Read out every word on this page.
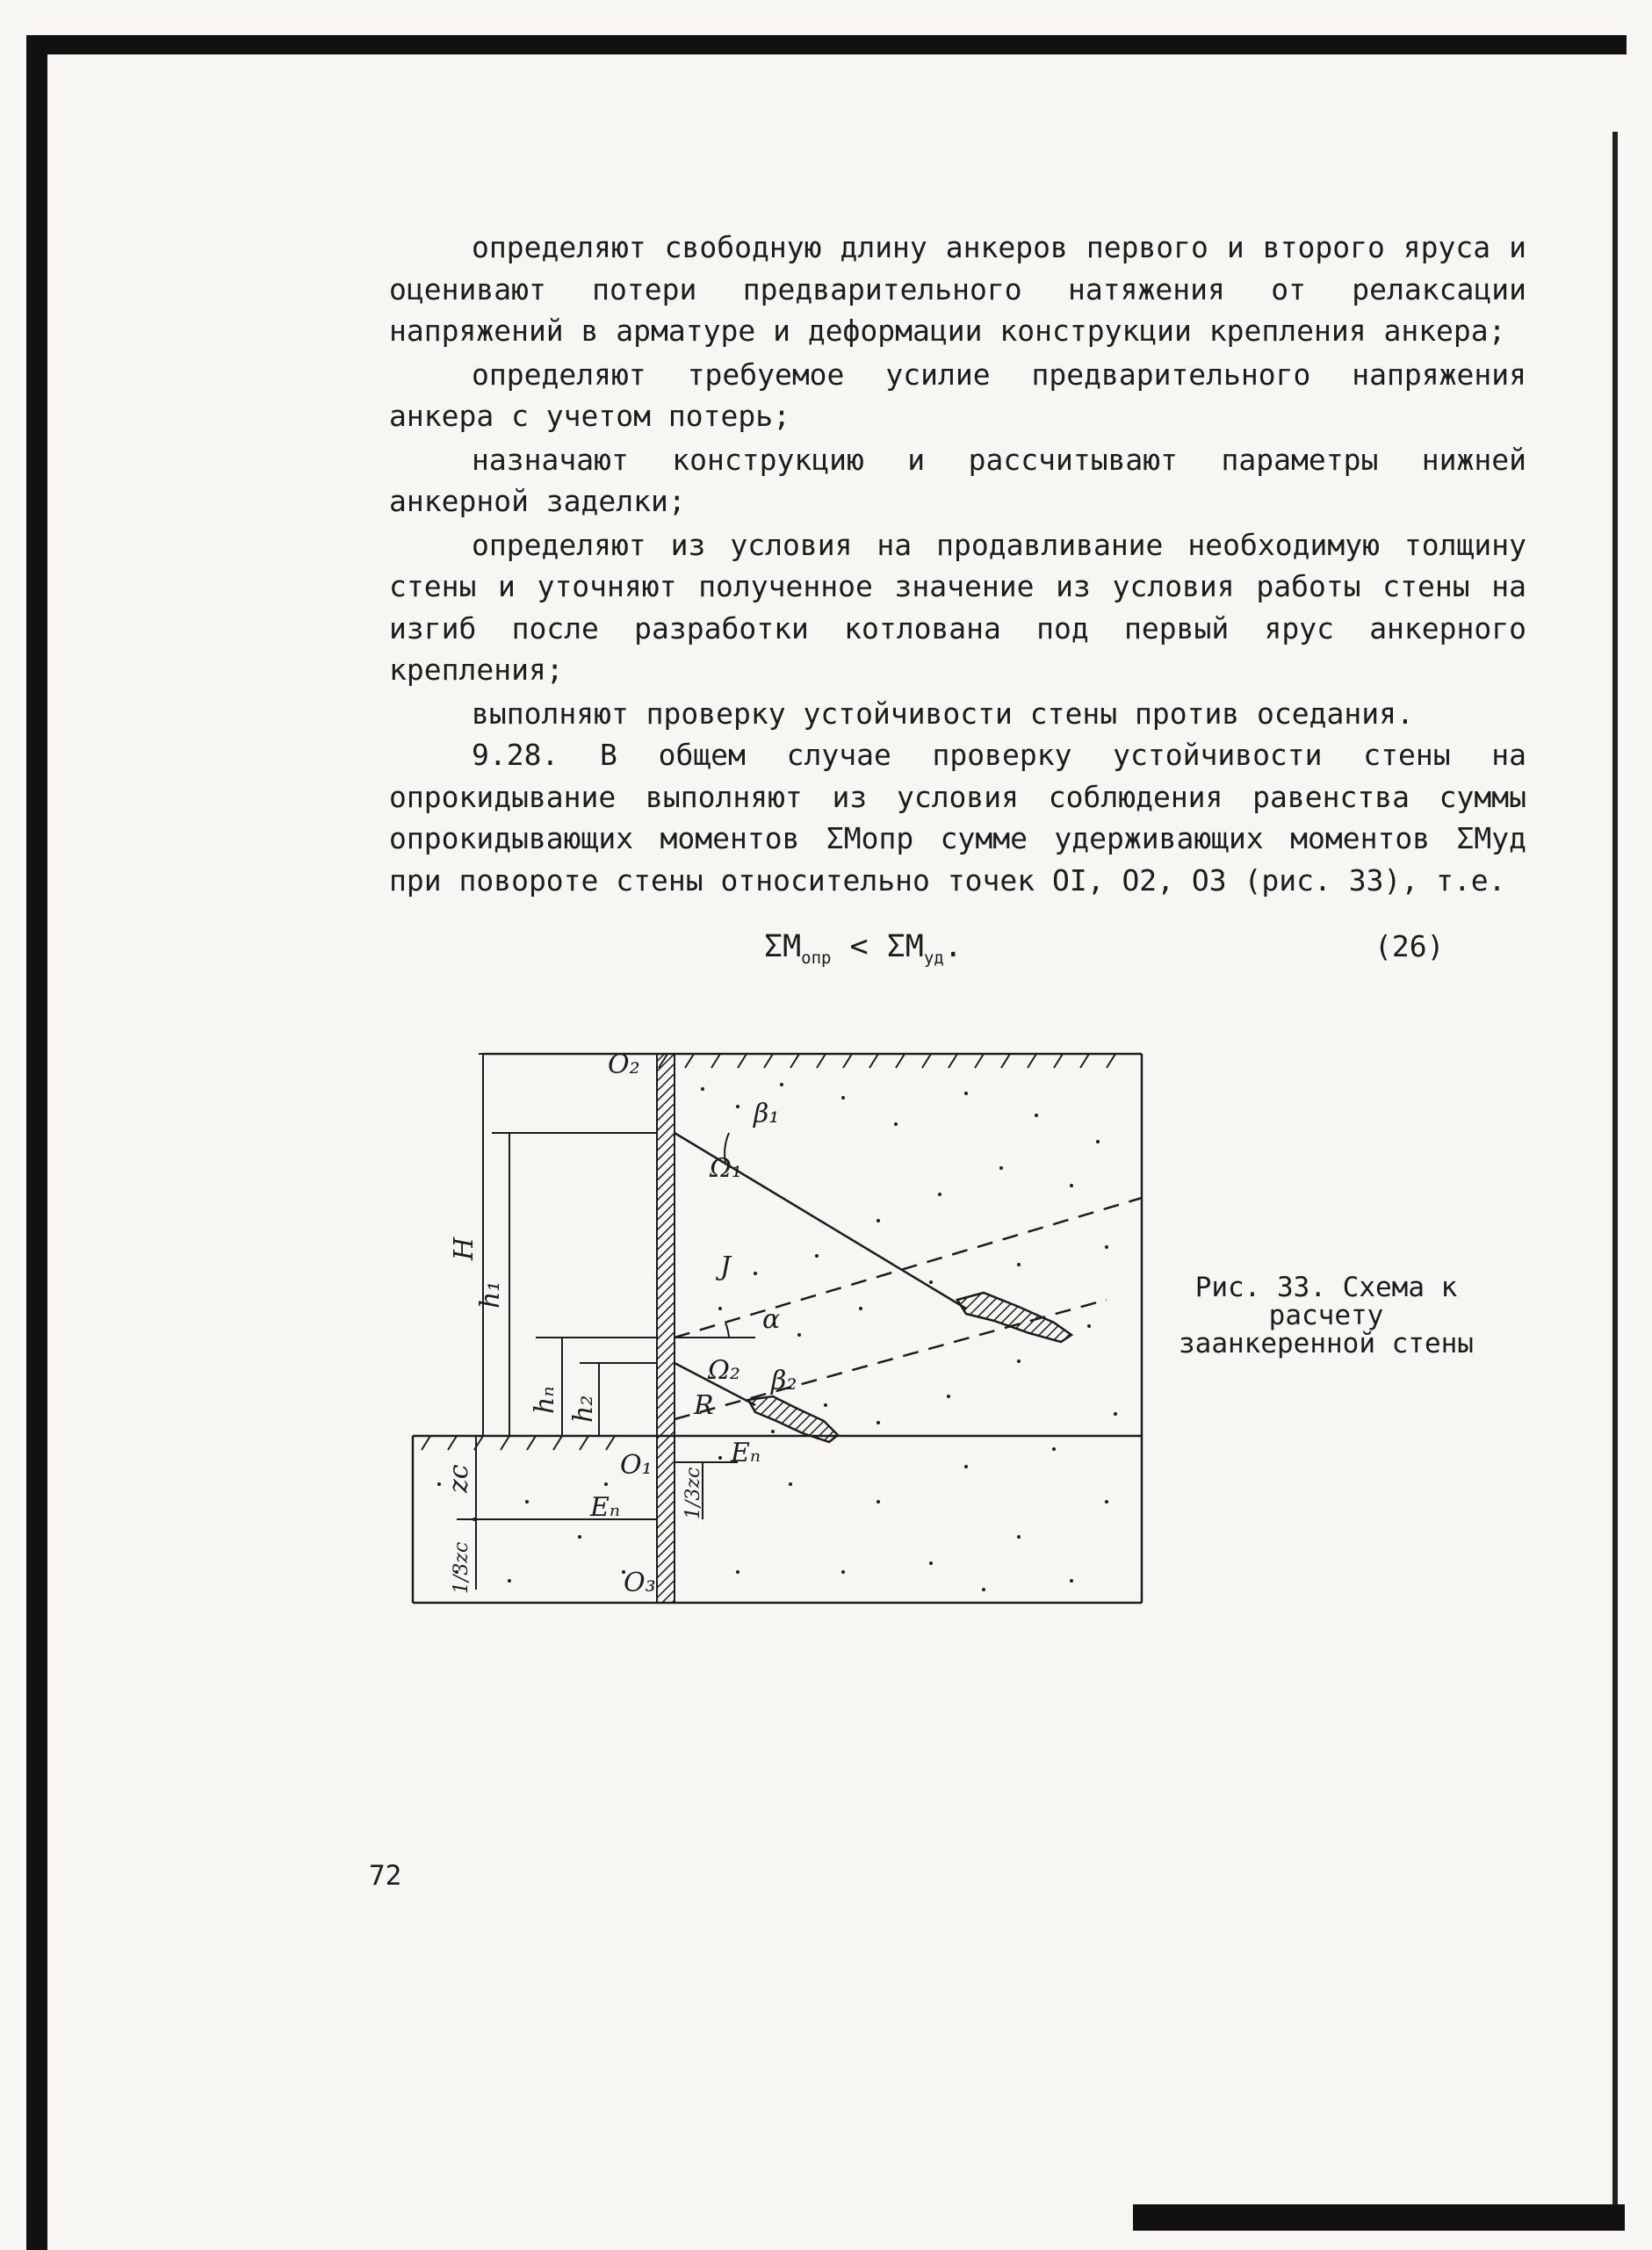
определяют свободную длину анкеров первого и второго яруса и оценивают потери предварительного натяжения от релаксации напряжений в арматуре и деформации конструкции крепления анкера;

определяют требуемое усилие предварительного напряжения анкера с учетом потерь;

назначают конструкцию и рассчитывают параметры нижней анкерной заделки;

определяют из условия на продавливание необходимую толщину стены и уточняют полученное значение из условия работы стены на изгиб после разработки котлована под первый ярус анкерного крепления;

выполняют проверку устойчивости стены против оседания.

9.28. В общем случае проверку устойчивости стены на опрокидывание выполняют из условия соблюдения равенства суммы опрокидывающих моментов ΣMопр сумме удерживающих моментов ΣMуд при повороте стены относительно точек OI, O2, O3 (рис. 33), т.е.

$\Sigma M_{опр} < \Sigma M_{уд}$.	(26)
O₂
β₁
Ω₁
J
α
Ω₂ β₂
R
O₁	Eₙ
Eₙ
O₃
H
h₁
hₙ h₂
zc
1/3zc
1/3zc
Рис. 33. Схема к расчету заанкеренной стены
72
